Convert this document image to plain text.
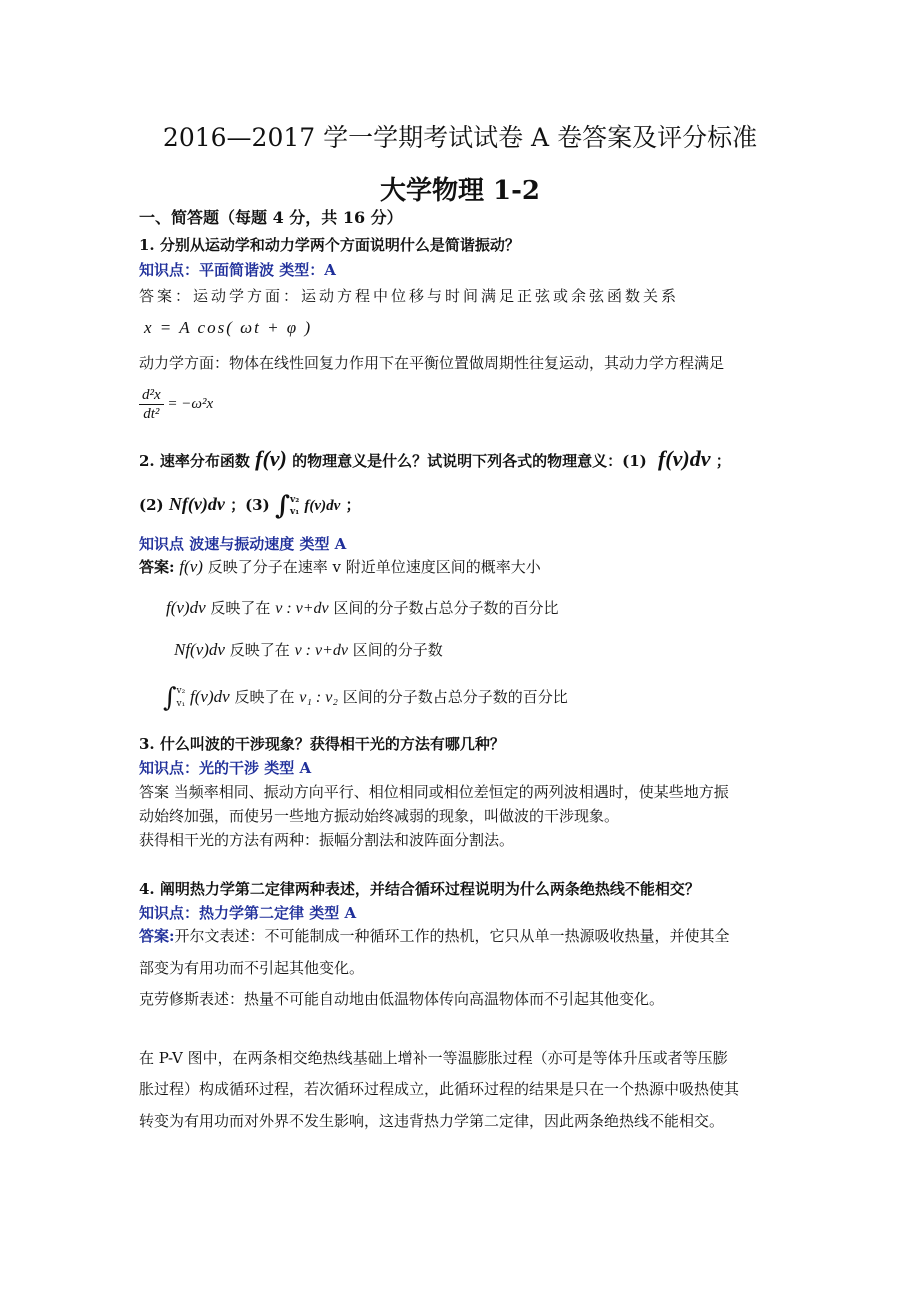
2016—2017 学一学期考试试卷 A 卷答案及评分标准
大学物理 1-2
一、简答题（每题 4 分，共 16 分）
1. 分别从运动学和动力学两个方面说明什么是简谐振动？
知识点：平面简谐波 类型：A
答案：运动学方面：运动方程中位移与时间满足正弦或余弦函数关系
x = A cos( ωt + φ )
动力学方面：物体在线性回复力作用下在平衡位置做周期性往复运动，其动力学方程满足
$\frac{\text{d²x}}{\text{dt²}} = -\omega^2x$
2. 速率分布函数 f(v) 的物理意义是什么？试说明下列各式的物理意义：(1) f(v)dv ；
(2) Nf(v)dv ；(3) ∫ v₂
v₁ f(v)dv ；
知识点 波速与振动速度 类型 A
答案: f(v) 反映了分子在速率 v 附近单位速度区间的概率大小
f(v)dv 反映了在 v : v+dv 区间的分子数占总分子数的百分比
Nf(v)dv 反映了在 v : v+dv 区间的分子数
∫ v₂
v₁ f(v)dv 反映了在 v₁ : v₂ 区间的分子数占总分子数的百分比
3. 什么叫波的干涉现象？获得相干光的方法有哪几种？
知识点：光的干涉 类型 A
答案 当频率相同、振动方向平行、相位相同或相位差恒定的两列波相遇时，使某些地方振
动始终加强，而使另一些地方振动始终减弱的现象，叫做波的干涉现象。
获得相干光的方法有两种：振幅分割法和波阵面分割法。
4. 阐明热力学第二定律两种表述，并结合循环过程说明为什么两条绝热线不能相交？
知识点：热力学第二定律 类型 A
答案:开尔文表述：不可能制成一种循环工作的热机，它只从单一热源吸收热量，并使其全
部变为有用功而不引起其他变化。
克劳修斯表述：热量不可能自动地由低温物体传向高温物体而不引起其他变化。
在 P-V 图中，在两条相交绝热线基础上增补一等温膨胀过程（亦可是等体升压或者等压膨
胀过程）构成循环过程，若次循环过程成立，此循环过程的结果是只在一个热源中吸热使其
转变为有用功而对外界不发生影响，这违背热力学第二定律，因此两条绝热线不能相交。
